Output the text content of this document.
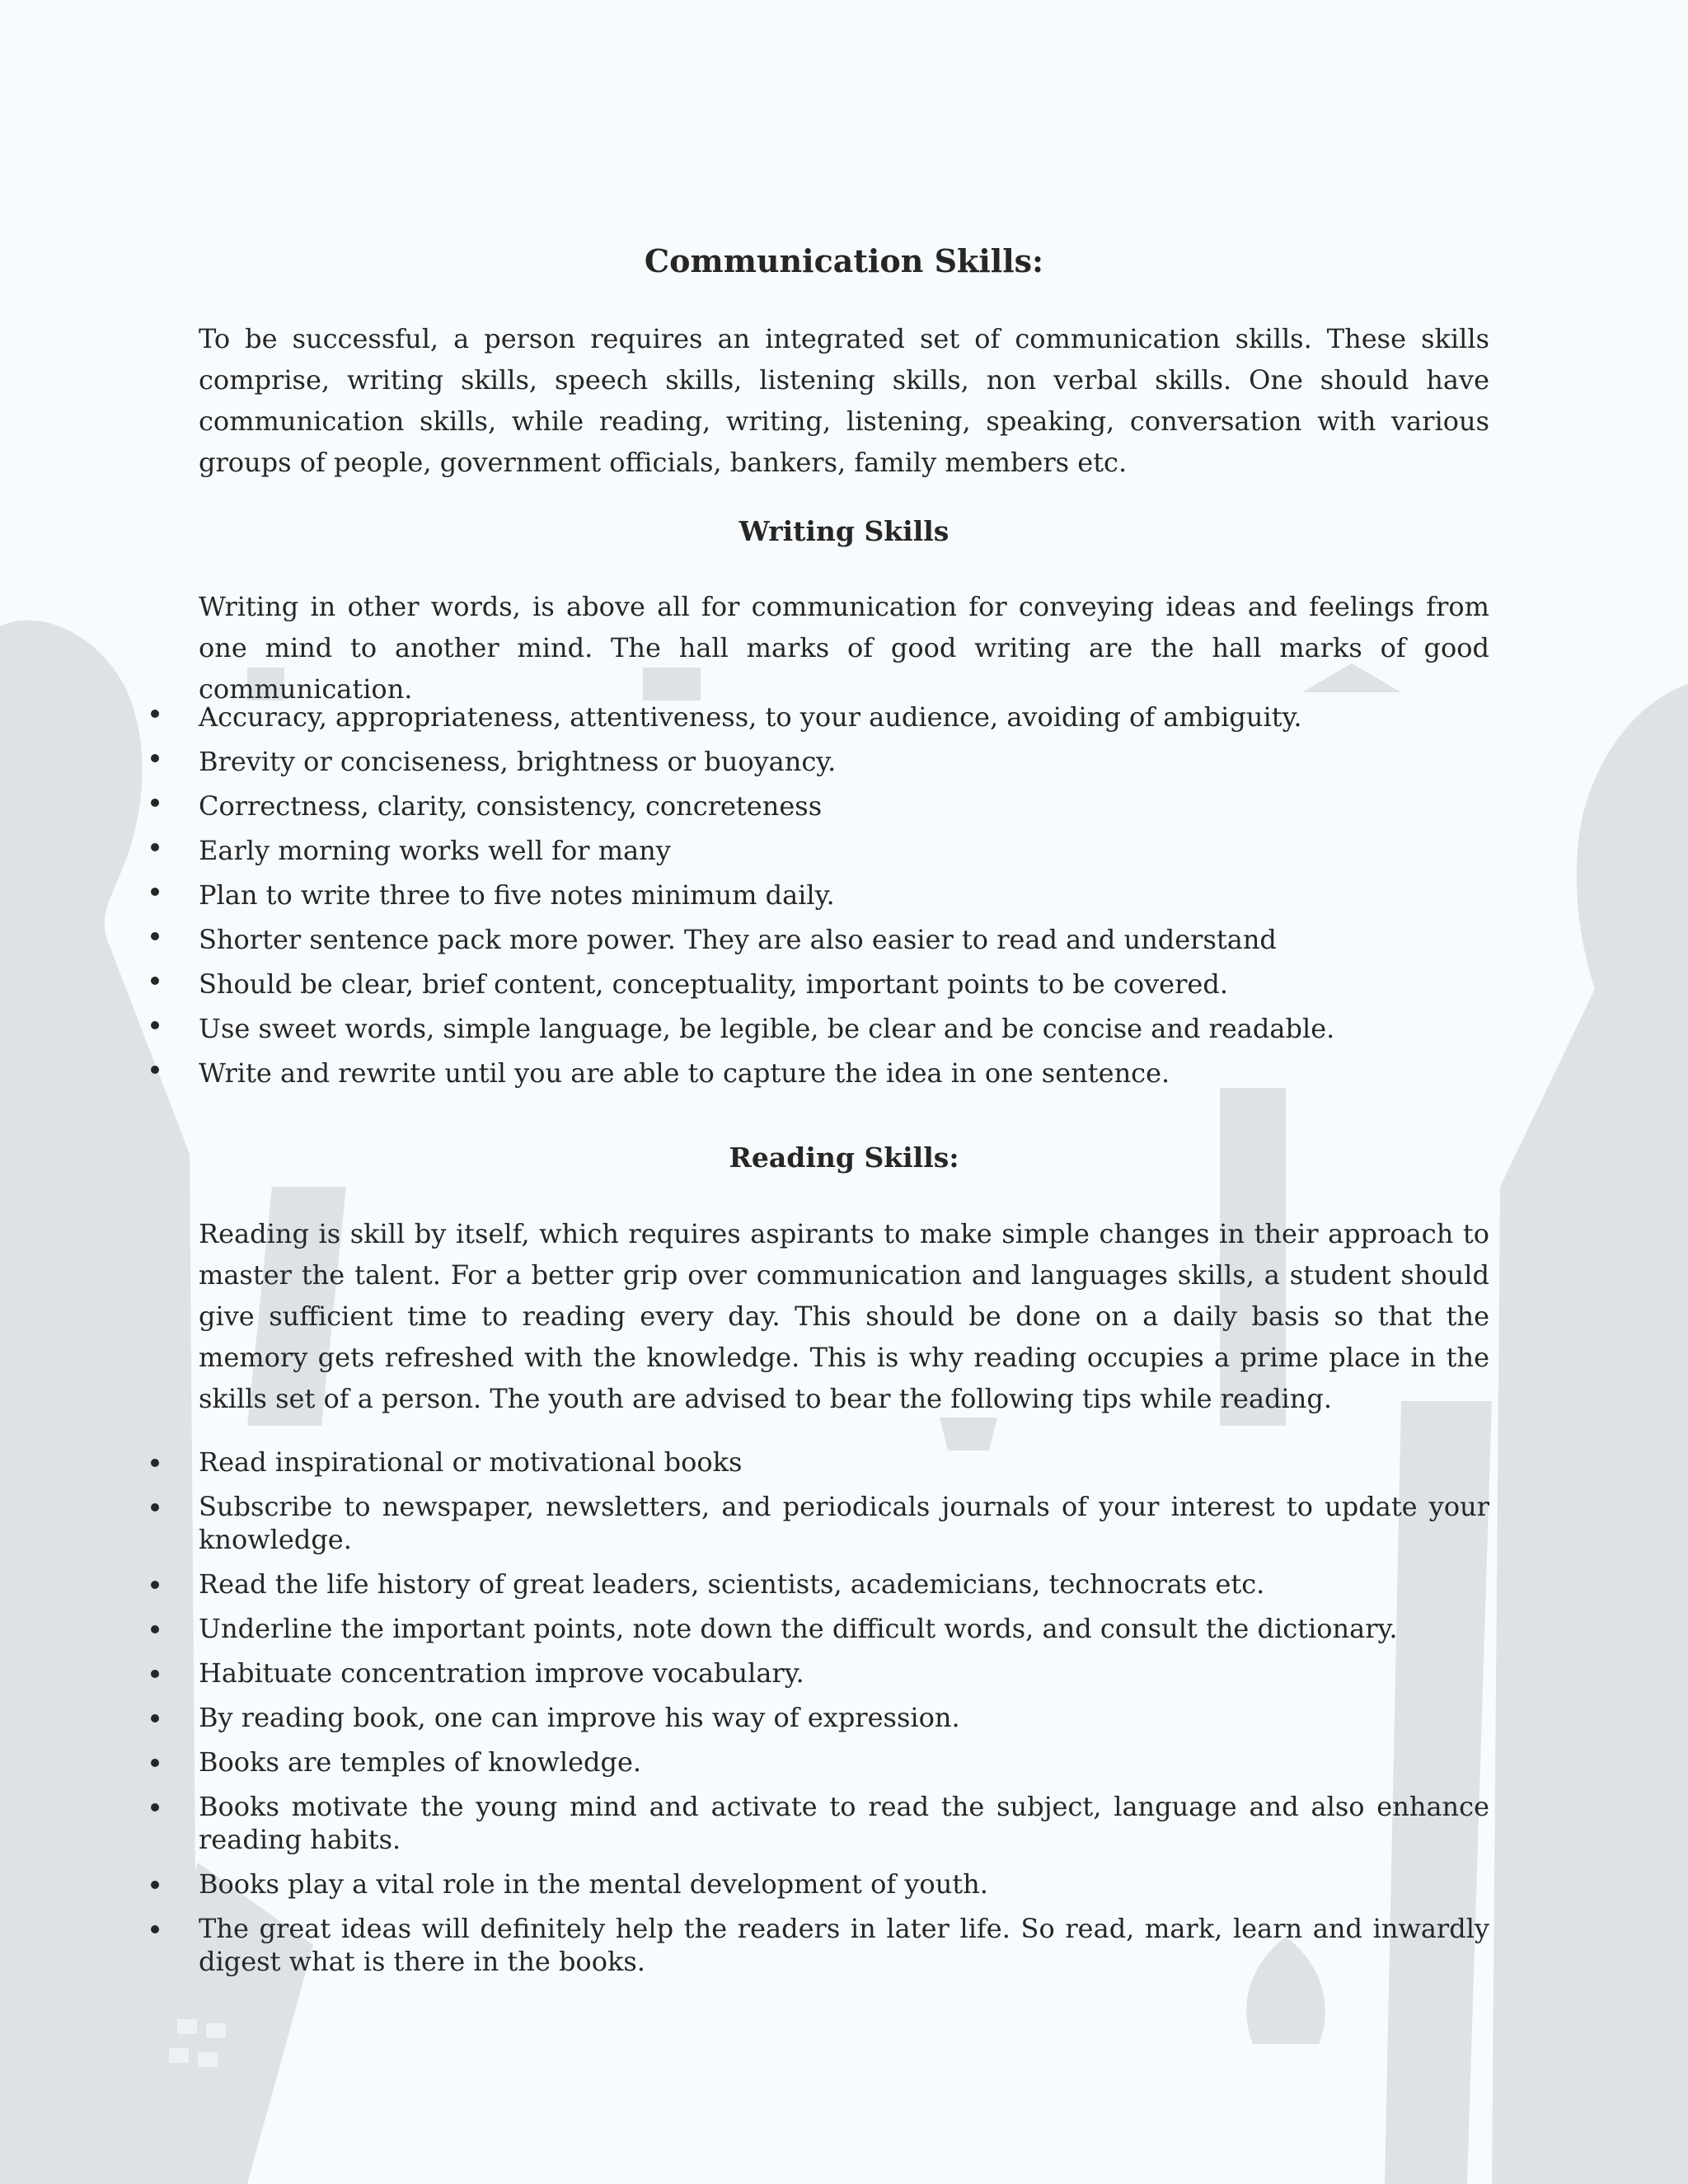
Communication Skills:

To be successful, a person requires an integrated set of communication skills. These skills comprise, writing skills, speech skills, listening skills, non verbal skills. One should have communication skills, while reading, writing, listening, speaking, conversation with various groups of people, government officials, bankers, family members etc.

Writing Skills

Writing in other words, is above all for communication for conveying ideas and feelings from one mind to another mind. The hall marks of good writing are the hall marks of good communication.

Accuracy, appropriateness, attentiveness, to your audience, avoiding of ambiguity.
Brevity or conciseness, brightness or buoyancy.
Correctness, clarity, consistency, concreteness
Early morning works well for many
Plan to write three to five notes minimum daily.
Shorter sentence pack more power. They are also easier to read and understand
Should be clear, brief content, conceptuality, important points to be covered.
Use sweet words, simple language, be legible, be clear and be concise and readable.
Write and rewrite until you are able to capture the idea in one sentence.
Reading Skills:

Reading is skill by itself, which requires aspirants to make simple changes in their approach to master the talent. For a better grip over communication and languages skills, a student should give sufficient time to reading every day. This should be done on a daily basis so that the memory gets refreshed with the knowledge. This is why reading occupies a prime place in the skills set of a person. The youth are advised to bear the following tips while reading.

Read inspirational or motivational books
Subscribe to newspaper, newsletters, and periodicals journals of your interest to update your knowledge.
Read the life history of great leaders, scientists, academicians, technocrats etc.
Underline the important points, note down the difficult words, and consult the dictionary.
Habituate concentration improve vocabulary.
By reading book, one can improve his way of expression.
Books are temples of knowledge.
Books motivate the young mind and activate to read the subject, language and also enhance reading habits.
Books play a vital role in the mental development of youth.
The great ideas will definitely help the readers in later life. So read, mark, learn and inwardly digest what is there in the books.
